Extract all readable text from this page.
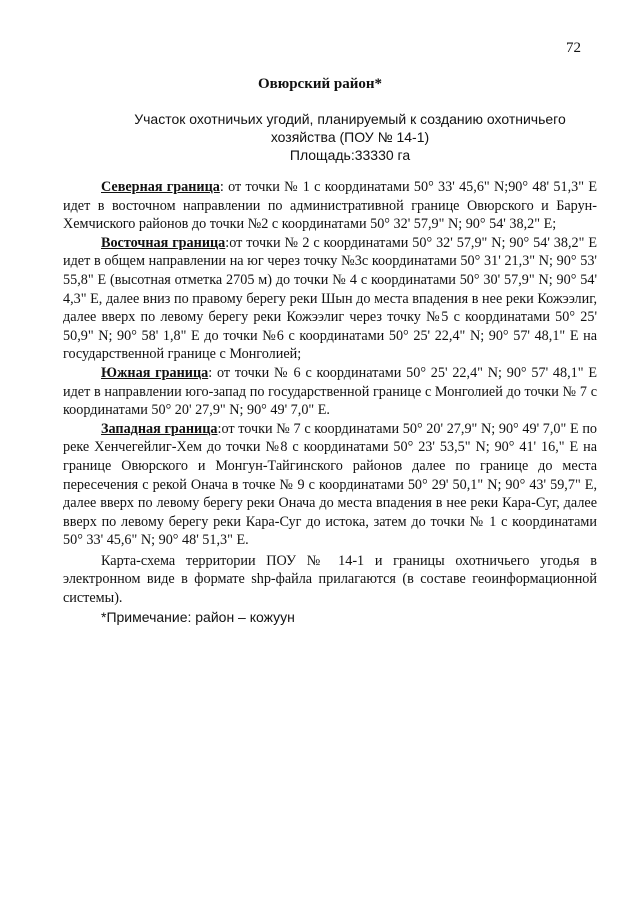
72
Овюрский район*
Участок охотничьих угодий, планируемый к созданию охотничьего
хозяйства (ПОУ № 14-1)
Площадь:33330 га

Северная граница: от точки № 1 с координатами 50° 33' 45,6" N;90° 48' 51,3" E идет в восточном направлении по административной границе Овюрского и Барун-Хемчиского районов до точки №2 с координатами 50° 32' 57,9" N; 90° 54' 38,2" E;

Восточная граница:от точки № 2 с координатами 50° 32' 57,9" N; 90° 54' 38,2" E идет в общем направлении на юг через точку №3с координатами 50° 31' 21,3" N; 90° 53' 55,8" E (высотная отметка 2705 м) до точки № 4 с координатами 50° 30' 57,9" N; 90° 54' 4,3" E, далее вниз по правому берегу реки Шын до места впадения в нее реки Кожээлиг, далее вверх по левому берегу реки Кожээлиг через точку №5 с координатами 50° 25' 50,9" N; 90° 58' 1,8" E до точки №6 с координатами 50° 25' 22,4" N; 90° 57' 48,1" E на государственной границе с Монголией;

Южная граница: от точки № 6 с координатами 50° 25' 22,4" N; 90° 57' 48,1" E идет в направлении юго-запад по государственной границе с Монголией до точки № 7 с координатами 50° 20' 27,9" N; 90° 49' 7,0" E.

Западная граница:от точки № 7 с координатами 50° 20' 27,9" N; 90° 49' 7,0" E по реке Хенчегейлиг-Хем до точки №8 с координатами 50° 23' 53,5" N; 90° 41' 16," E на границе Овюрского и Монгун-Тайгинского районов далее по границе до места пересечения с рекой Онача в точке № 9 с координатами 50° 29' 50,1" N; 90° 43' 59,7" E, далее вверх по левому берегу реки Онача до места впадения в нее реки Кара-Суг, далее вверх по левому берегу реки Кара-Суг до истока, затем до точки № 1 с координатами 50° 33' 45,6" N; 90° 48' 51,3" E.

Карта-схема территории ПОУ № 14-1 и границы охотничьего угодья в электронном виде в формате shp-файла прилагаются (в составе геоинформационной системы).

*Примечание: район – кожуун
